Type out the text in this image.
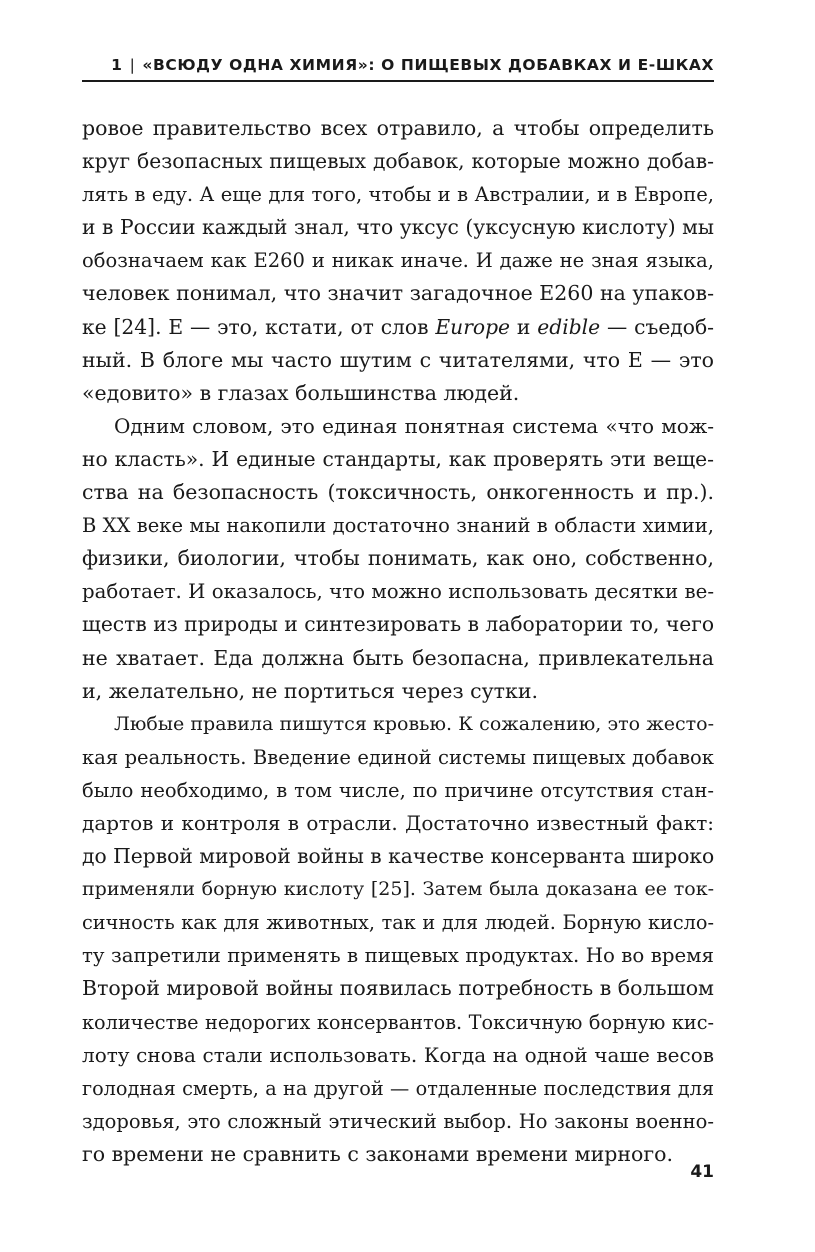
1 | «ВСЮДУ ОДНА ХИМИЯ»: О ПИЩЕВЫХ ДОБАВКАХ И Е-ШКАХ

ровое правительство всех отравило, а чтобы определить
круг безопасных пищевых добавок, которые можно добав-
лять в еду. А еще для того, чтобы и в Австралии, и в Европе,
и в России каждый знал, что уксус (уксусную кислоту) мы
обозначаем как Е260 и никак иначе. И даже не зная языка,
человек понимал, что значит загадочное Е260 на упаков-
ке [24]. Е — это, кстати, от слов Europe и edible — съедоб-
ный. В блоге мы часто шутим с читателями, что Е — это
«едовито» в глазах большинства людей.

Одним словом, это единая понятная система «что мож-
но класть». И единые стандарты, как проверять эти веще-
ства на безопасность (токсичность, онкогенность и пр.).
В XX веке мы накопили достаточно знаний в области химии,
физики, биологии, чтобы понимать, как оно, собственно,
работает. И оказалось, что можно использовать десятки ве-
ществ из природы и синтезировать в лаборатории то, чего
не хватает. Еда должна быть безопасна, привлекательна
и, желательно, не портиться через сутки.

Любые правила пишутся кровью. К сожалению, это жесто-
кая реальность. Введение единой системы пищевых добавок
было необходимо, в том числе, по причине отсутствия стан-
дартов и контроля в отрасли. Достаточно известный факт:
до Первой мировой войны в качестве консерванта широко
применяли борную кислоту [25]. Затем была доказана ее ток-
сичность как для животных, так и для людей. Борную кисло-
ту запретили применять в пищевых продуктах. Но во время
Второй мировой войны появилась потребность в большом
количестве недорогих консервантов. Токсичную борную кис-
лоту снова стали использовать. Когда на одной чаше весов
голодная смерть, а на другой — отдаленные последствия для
здоровья, это сложный этический выбор. Но законы военно-
го времени не сравнить с законами времени мирного.

41
